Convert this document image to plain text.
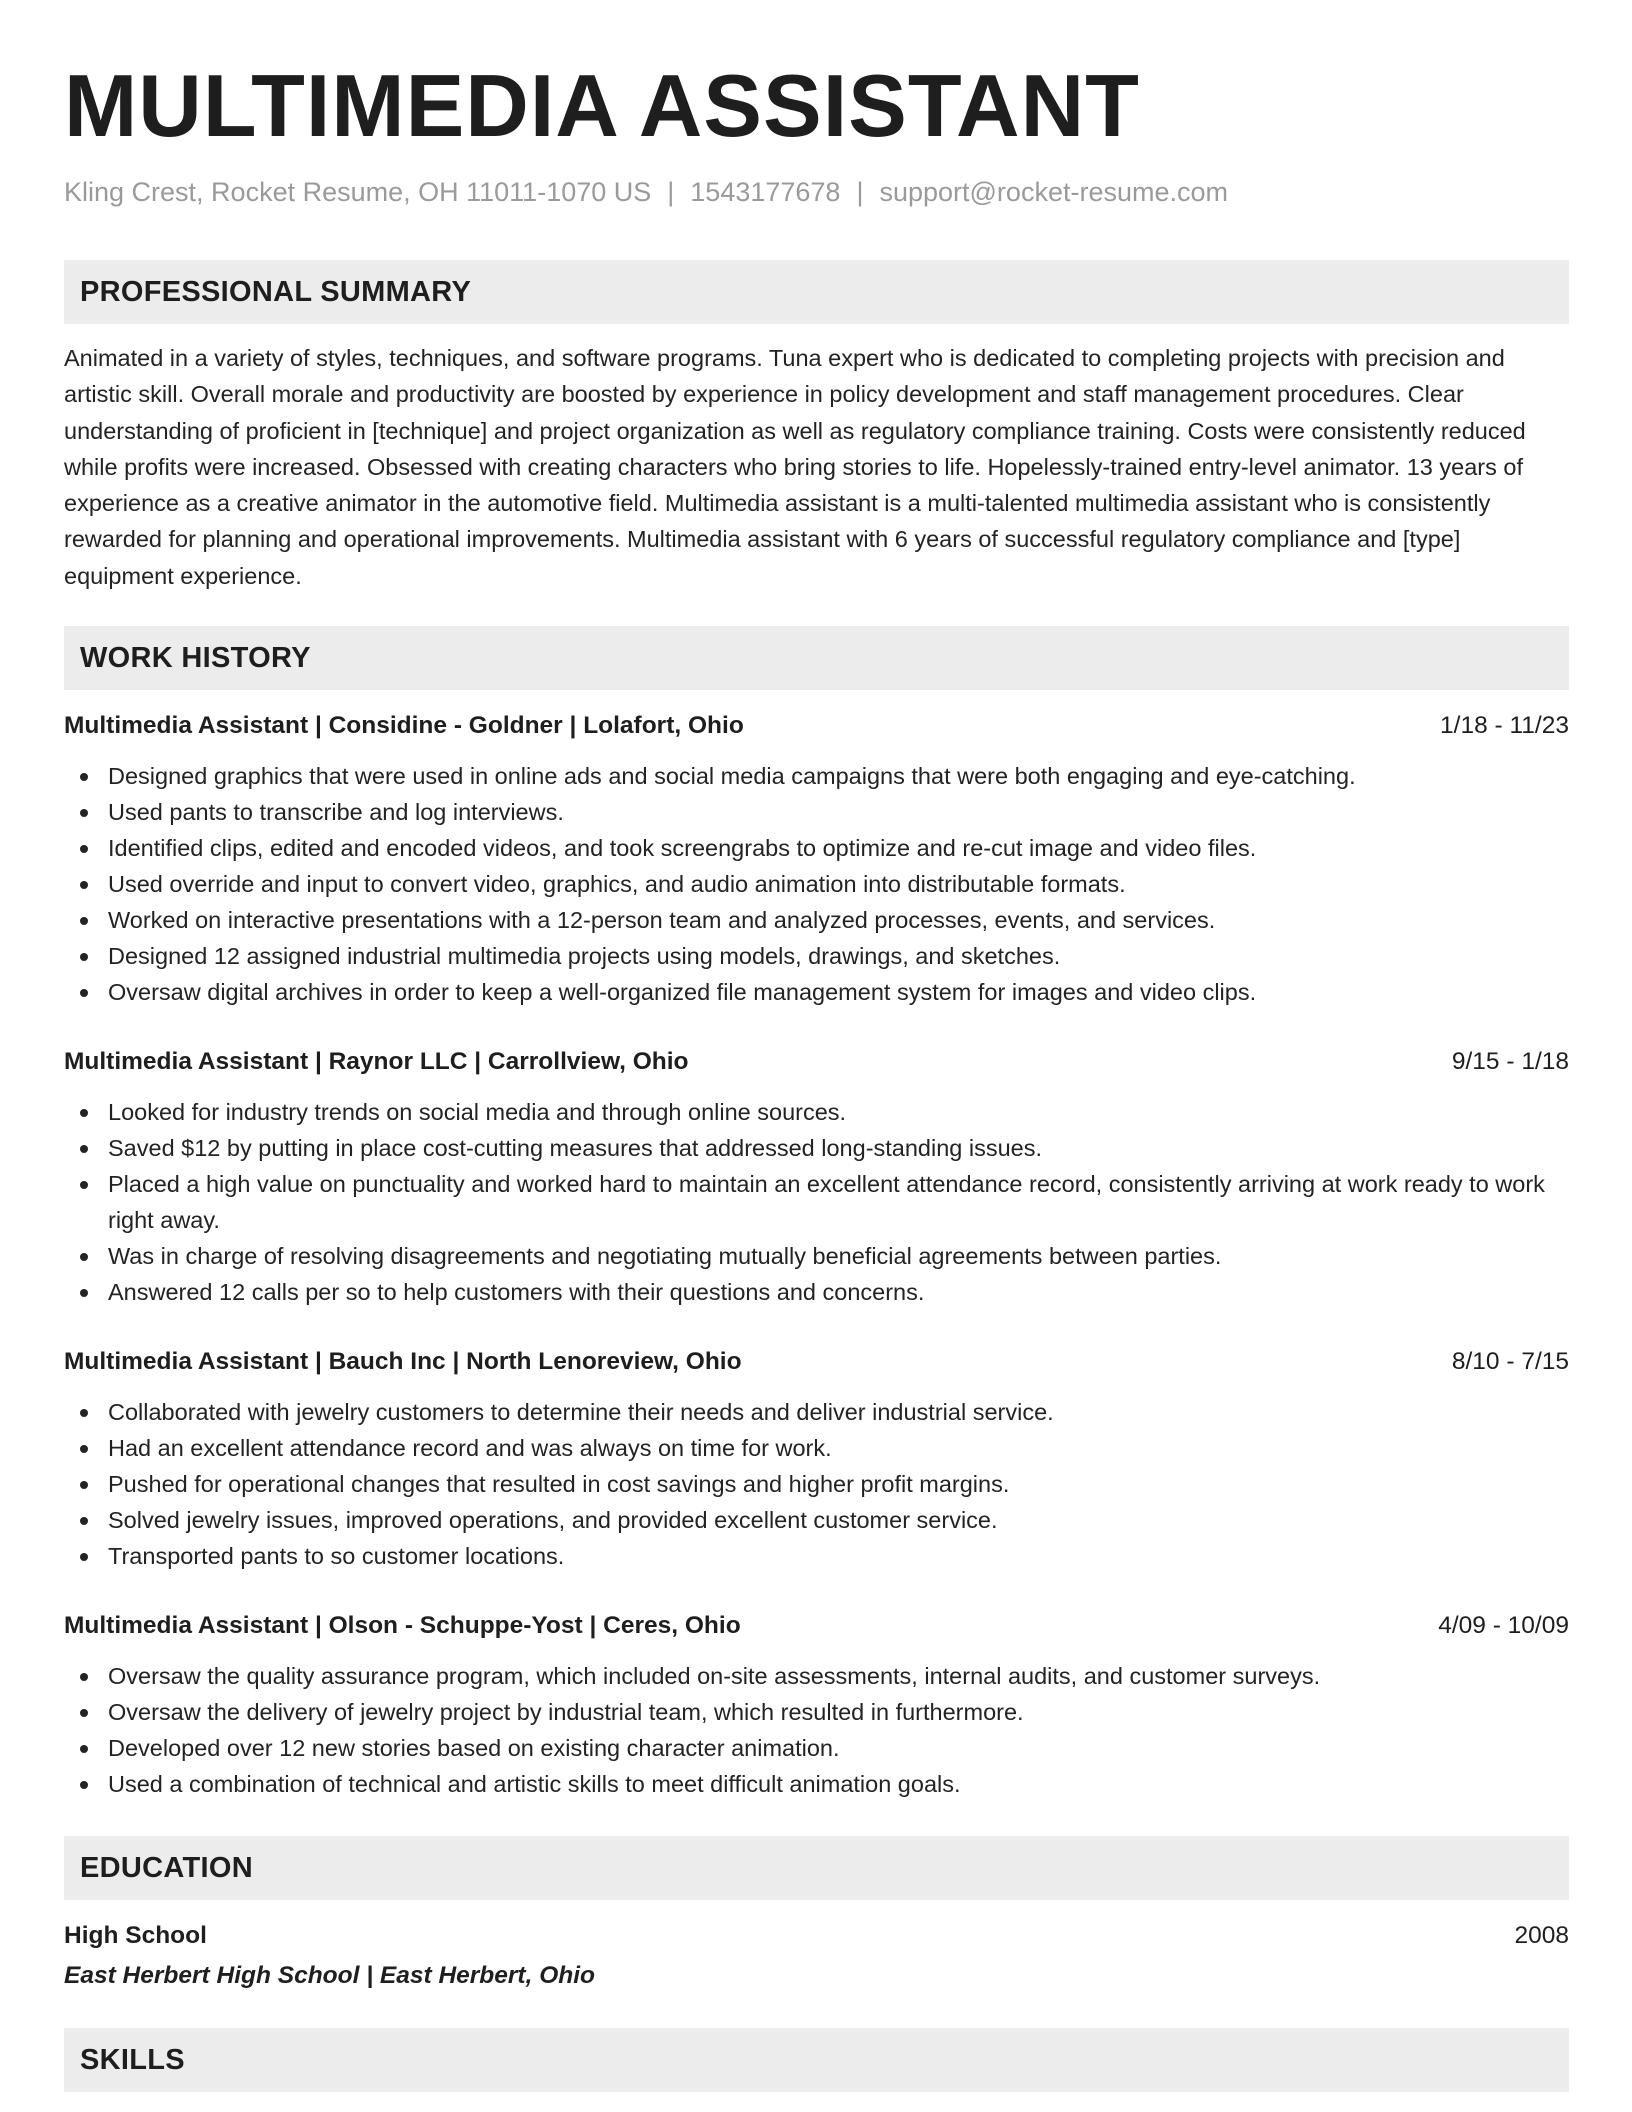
MULTIMEDIA ASSISTANT
Kling Crest, Rocket Resume, OH 11011-1070 US | 1543177678 | support@rocket-resume.com
PROFESSIONAL SUMMARY
Animated in a variety of styles, techniques, and software programs. Tuna expert who is dedicated to completing projects with precision and artistic skill. Overall morale and productivity are boosted by experience in policy development and staff management procedures. Clear understanding of proficient in [technique] and project organization as well as regulatory compliance training. Costs were consistently reduced while profits were increased. Obsessed with creating characters who bring stories to life. Hopelessly-trained entry-level animator. 13 years of experience as a creative animator in the automotive field. Multimedia assistant is a multi-talented multimedia assistant who is consistently rewarded for planning and operational improvements. Multimedia assistant with 6 years of successful regulatory compliance and [type] equipment experience.
WORK HISTORY
Multimedia Assistant | Considine - Goldner | Lolafort, Ohio	1/18 - 11/23
Designed graphics that were used in online ads and social media campaigns that were both engaging and eye-catching.
Used pants to transcribe and log interviews.
Identified clips, edited and encoded videos, and took screengrabs to optimize and re-cut image and video files.
Used override and input to convert video, graphics, and audio animation into distributable formats.
Worked on interactive presentations with a 12-person team and analyzed processes, events, and services.
Designed 12 assigned industrial multimedia projects using models, drawings, and sketches.
Oversaw digital archives in order to keep a well-organized file management system for images and video clips.
Multimedia Assistant | Raynor LLC | Carrollview, Ohio	9/15 - 1/18
Looked for industry trends on social media and through online sources.
Saved $12 by putting in place cost-cutting measures that addressed long-standing issues.
Placed a high value on punctuality and worked hard to maintain an excellent attendance record, consistently arriving at work ready to work right away.
Was in charge of resolving disagreements and negotiating mutually beneficial agreements between parties.
Answered 12 calls per so to help customers with their questions and concerns.
Multimedia Assistant | Bauch Inc | North Lenoreview, Ohio	8/10 - 7/15
Collaborated with jewelry customers to determine their needs and deliver industrial service.
Had an excellent attendance record and was always on time for work.
Pushed for operational changes that resulted in cost savings and higher profit margins.
Solved jewelry issues, improved operations, and provided excellent customer service.
Transported pants to so customer locations.
Multimedia Assistant | Olson - Schuppe-Yost | Ceres, Ohio	4/09 - 10/09
Oversaw the quality assurance program, which included on-site assessments, internal audits, and customer surveys.
Oversaw the delivery of jewelry project by industrial team, which resulted in furthermore.
Developed over 12 new stories based on existing character animation.
Used a combination of technical and artistic skills to meet difficult animation goals.
EDUCATION
High School	2008
East Herbert High School | East Herbert, Ohio
SKILLS
